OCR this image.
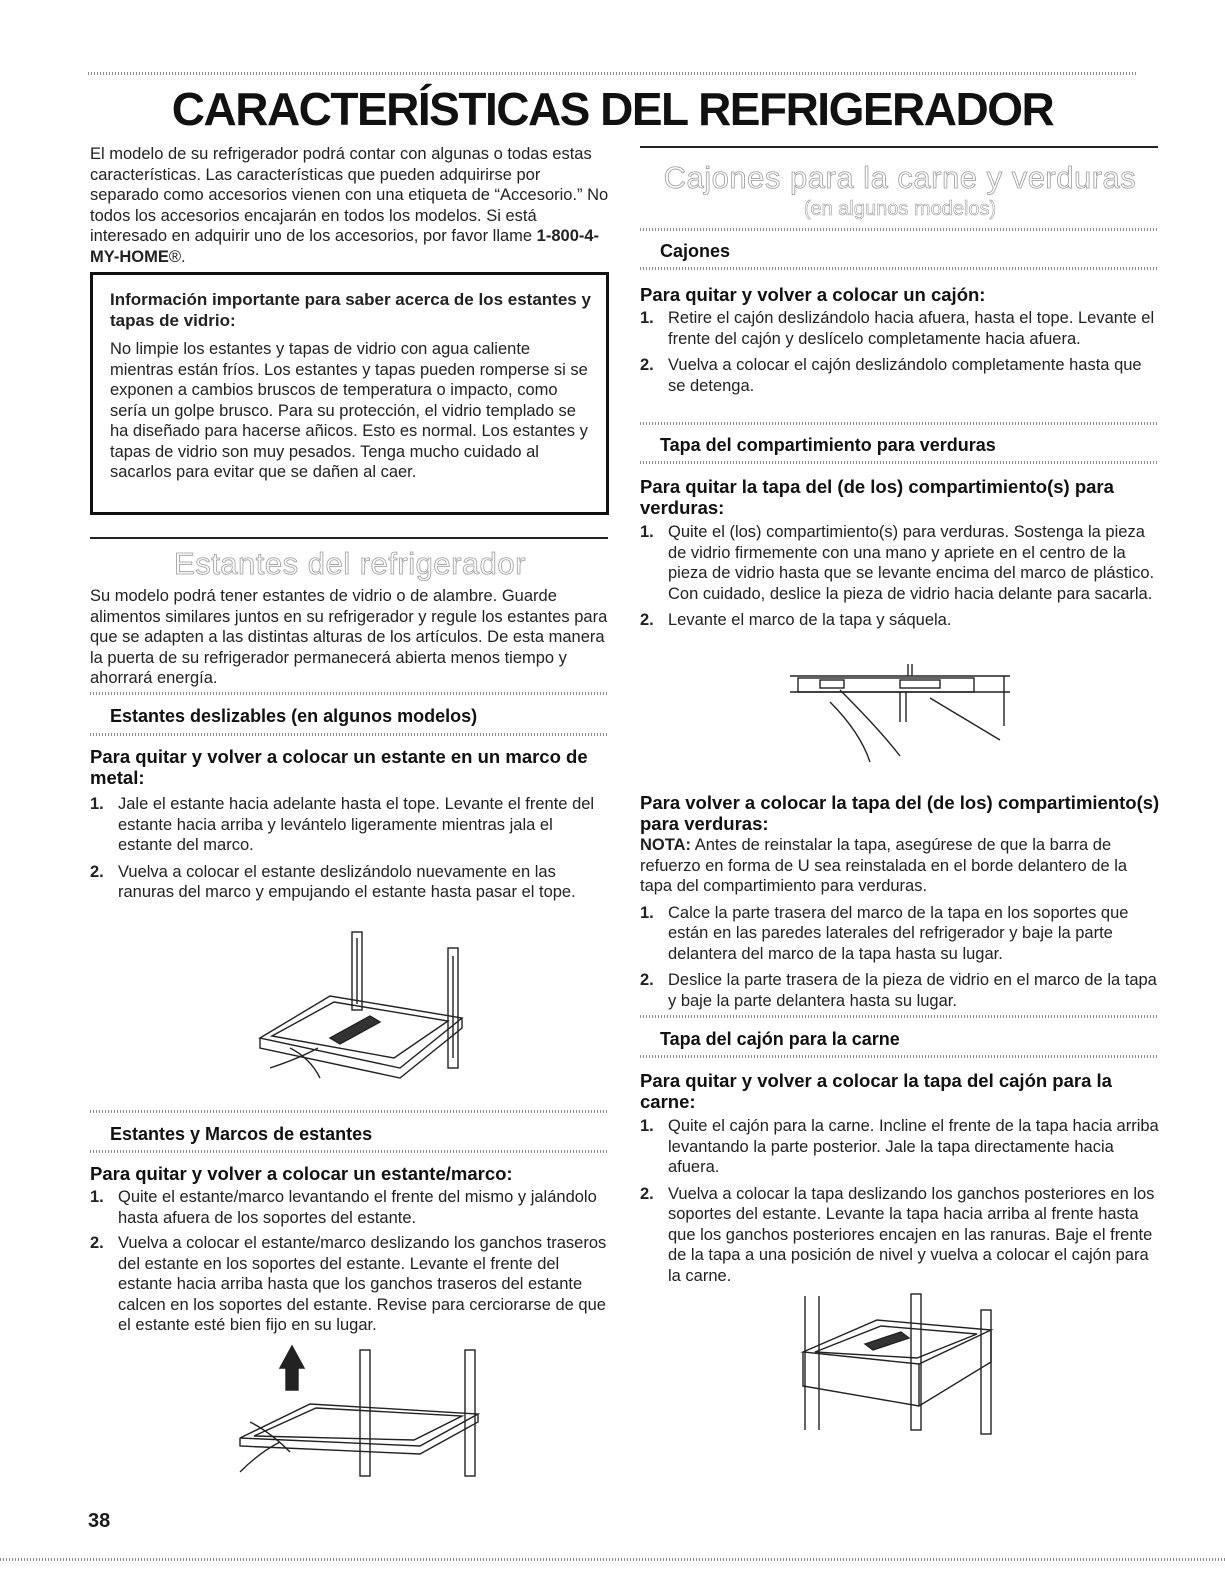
CARACTERÍSTICAS DEL REFRIGERADOR

El modelo de su refrigerador podrá contar con algunas o todas estas características. Las características que pueden adquirirse por separado como accesorios vienen con una etiqueta de “Accesorio.” No todos los accesorios encajarán en todos los modelos. Si está interesado en adquirir uno de los accesorios, por favor llame 1-800-4-MY-HOME®.

Información importante para saber acerca de los estantes y tapas de vidrio:

No limpie los estantes y tapas de vidrio con agua caliente mientras están fríos. Los estantes y tapas pueden romperse si se exponen a cambios bruscos de temperatura o impacto, como sería un golpe brusco. Para su protección, el vidrio templado se ha diseñado para hacerse añicos. Esto es normal. Los estantes y tapas de vidrio son muy pesados. Tenga mucho cuidado al sacarlos para evitar que se dañen al caer.

Estantes del refrigerador

Su modelo podrá tener estantes de vidrio o de alambre. Guarde alimentos similares juntos en su refrigerador y regule los estantes para que se adapten a las distintas alturas de los artículos. De esta manera la puerta de su refrigerador permanecerá abierta menos tiempo y ahorrará energía.

Estantes deslizables (en algunos modelos)

Para quitar y volver a colocar un estante en un marco de metal:

1. Jale el estante hacia adelante hasta el tope. Levante el frente del estante hacia arriba y levántelo ligeramente mientras jala el estante del marco.
2. Vuelva a colocar el estante deslizándolo nuevamente en las ranuras del marco y empujando el estante hasta pasar el tope.

Estantes y Marcos de estantes

Para quitar y volver a colocar un estante/marco:

1. Quite el estante/marco levantando el frente del mismo y jalándolo hasta afuera de los soportes del estante.
2. Vuelva a colocar el estante/marco deslizando los ganchos traseros del estante en los soportes del estante. Levante el frente del estante hacia arriba hasta que los ganchos traseros del estante calcen en los soportes del estante. Revise para cerciorarse de que el estante esté bien fijo en su lugar.
38

Cajones para la carne y verduras

(en algunos modelos)

Cajones

Para quitar y volver a colocar un cajón:

1. Retire el cajón deslizándolo hacia afuera, hasta el tope. Levante el frente del cajón y deslícelo completamente hacia afuera.
2. Vuelva a colocar el cajón deslizándolo completamente hasta que se detenga.

Tapa del compartimiento para verduras

Para quitar la tapa del (de los) compartimiento(s) para verduras:

1. Quite el (los) compartimiento(s) para verduras. Sostenga la pieza de vidrio firmemente con una mano y apriete en el centro de la pieza de vidrio hasta que se levante encima del marco de plástico. Con cuidado, deslice la pieza de vidrio hacia delante para sacarla.
2. Levante el marco de la tapa y sáquela.

Para volver a colocar la tapa del (de los) compartimiento(s) para verduras:

NOTA: Antes de reinstalar la tapa, asegúrese de que la barra de refuerzo en forma de U sea reinstalada en el borde delantero de la tapa del compartimiento para verduras.

1. Calce la parte trasera del marco de la tapa en los soportes que están en las paredes laterales del refrigerador y baje la parte delantera del marco de la tapa hasta su lugar.
2. Deslice la parte trasera de la pieza de vidrio en el marco de la tapa y baje la parte delantera hasta su lugar.

Tapa del cajón para la carne

Para quitar y volver a colocar la tapa del cajón para la carne:

1. Quite el cajón para la carne. Incline el frente de la tapa hacia arriba levantando la parte posterior. Jale la tapa directamente hacia afuera.
2. Vuelva a colocar la tapa deslizando los ganchos posteriores en los soportes del estante. Levante la tapa hacia arriba al frente hasta que los ganchos posteriores encajen en las ranuras. Baje el frente de la tapa a una posición de nivel y vuelva a colocar el cajón para la carne.
